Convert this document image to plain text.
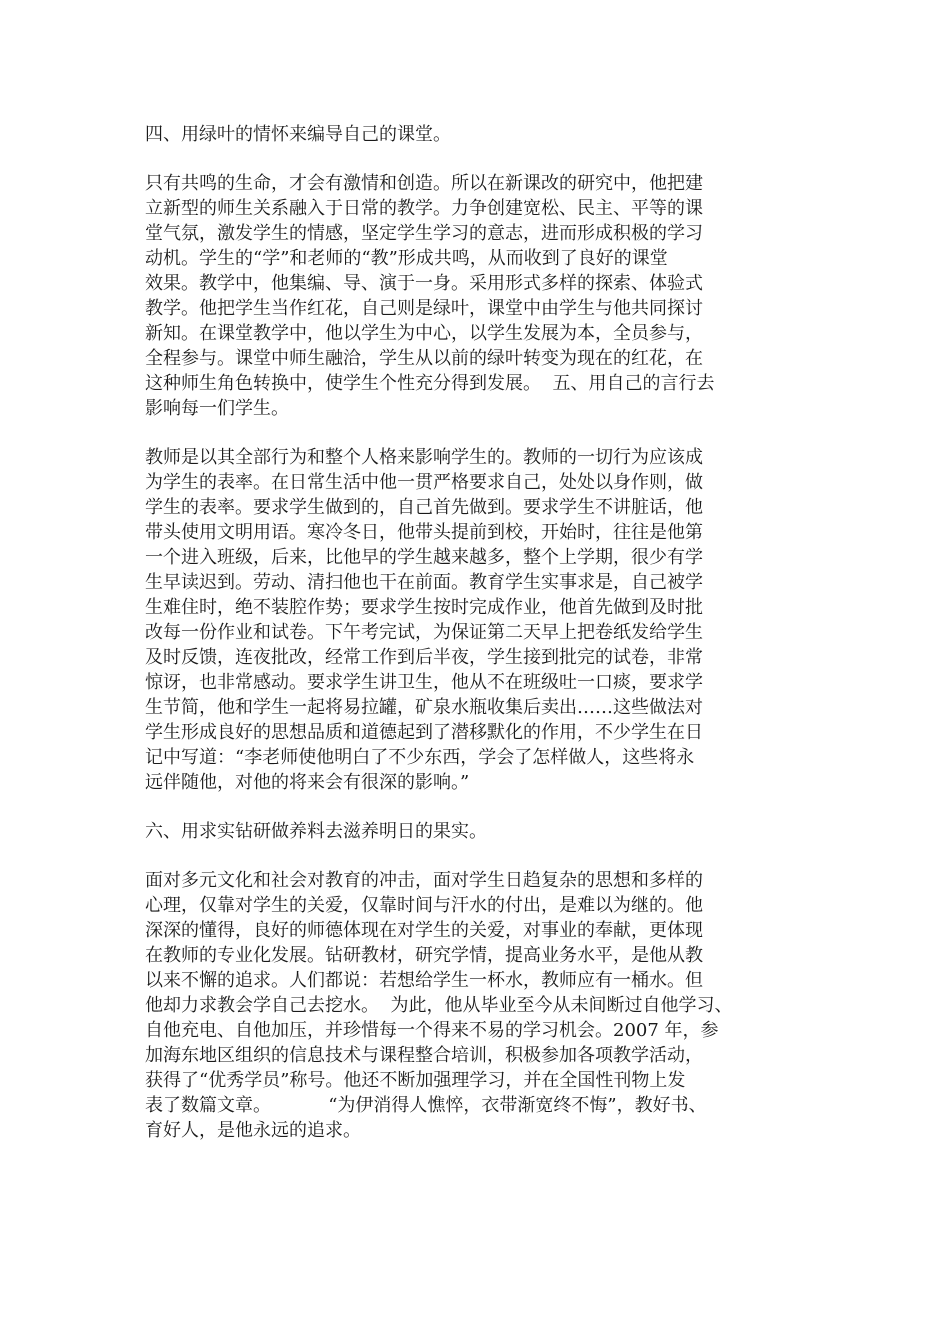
四、用绿叶的情怀来编导自己的课堂。
只有共鸣的生命，才会有激情和创造。所以在新课改的研究中，他把建
立新型的师生关系融入于日常的教学。力争创建宽松、民主、平等的课
堂气氛，激发学生的情感，坚定学生学习的意志，进而形成积极的学习
动机。学生的“学”和老师的“教”形成共鸣，从而收到了良好的课堂
效果。教学中，他集编、导、演于一身。采用形式多样的探索、体验式
教学。他把学生当作红花，自己则是绿叶，课堂中由学生与他共同探讨
新知。在课堂教学中，他以学生为中心，以学生发展为本，全员参与，
全程参与。课堂中师生融洽，学生从以前的绿叶转变为现在的红花，在
这种师生角色转换中，使学生个性充分得到发展。  五、用自己的言行去
影响每一们学生。
教师是以其全部行为和整个人格来影响学生的。教师的一切行为应该成
为学生的表率。在日常生活中他一贯严格要求自己，处处以身作则，做
学生的表率。要求学生做到的，自己首先做到。要求学生不讲脏话，他
带头使用文明用语。寒冷冬日，他带头提前到校，开始时，往往是他第
一个进入班级，后来，比他早的学生越来越多，整个上学期，很少有学
生早读迟到。劳动、清扫他也干在前面。教育学生实事求是，自己被学
生难住时，绝不装腔作势；要求学生按时完成作业，他首先做到及时批
改每一份作业和试卷。下午考完试，为保证第二天早上把卷纸发给学生
及时反馈，连夜批改，经常工作到后半夜，学生接到批完的试卷，非常
惊讶，也非常感动。要求学生讲卫生，他从不在班级吐一口痰，要求学
生节简，他和学生一起将易拉罐，矿泉水瓶收集后卖出……这些做法对
学生形成良好的思想品质和道德起到了潜移默化的作用，不少学生在日
记中写道：“李老师使他明白了不少东西，学会了怎样做人，这些将永
远伴随他，对他的将来会有很深的影响。”
六、用求实钻研做养料去滋养明日的果实。
面对多元文化和社会对教育的冲击，面对学生日趋复杂的思想和多样的
心理，仅靠对学生的关爱，仅靠时间与汗水的付出，是难以为继的。他
深深的懂得，良好的师德体现在对学生的关爱，对事业的奉献，更体现
在教师的专业化发展。钻研教材，研究学情，提高业务水平，是他从教
以来不懈的追求。人们都说：若想给学生一杯水，教师应有一桶水。但
他却力求教会学自己去挖水。  为此，他从毕业至今从未间断过自他学习、
自他充电、自他加压，并珍惜每一个得来不易的学习机会。2007 年，参
加海东地区组织的信息技术与课程整合培训，积极参加各项教学活动，
获得了“优秀学员”称号。他还不断加强理学习，并在全国性刊物上发
表了数篇文章。          “为伊消得人憔悴，衣带渐宽终不悔”，教好书、
育好人，是他永远的追求。
